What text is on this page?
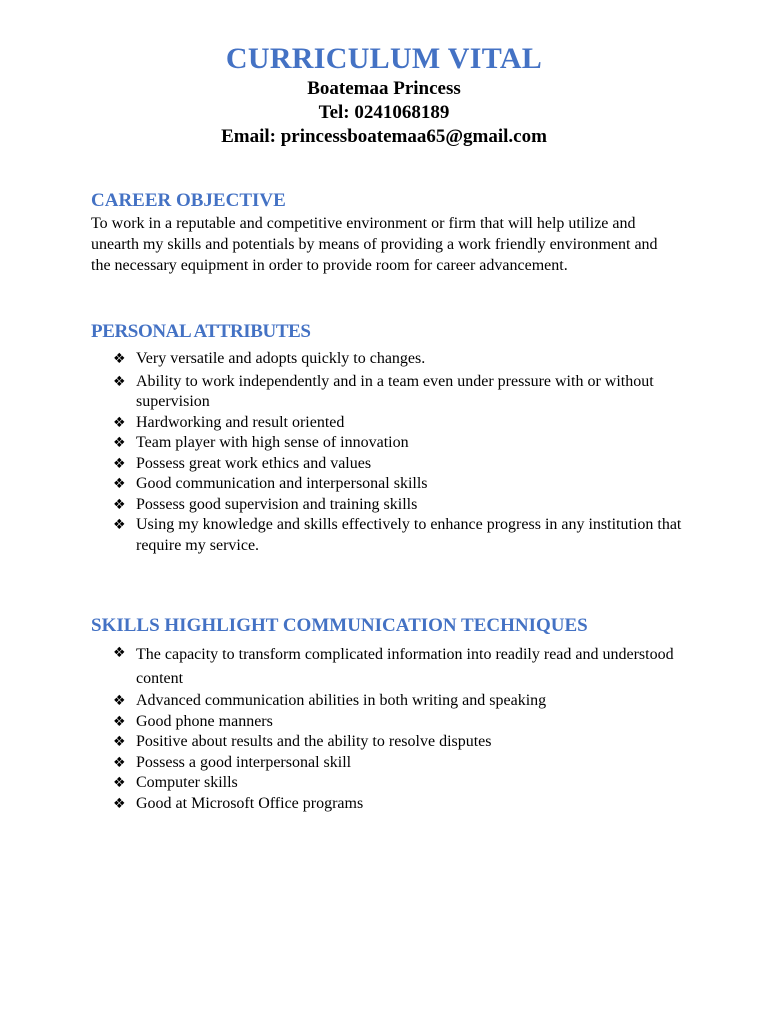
CURRICULUM VITAL
Boatemaa Princess
Tel: 0241068189
Email: princessboatemaa65@gmail.com
CAREER OBJECTIVE
To work in a reputable and competitive environment or firm that will help utilize and unearth my skills and potentials by means of providing a work friendly environment and the necessary equipment in order to provide room for career advancement.
PERSONAL ATTRIBUTES
❖ Very versatile and adopts quickly to changes.
❖ Ability to work independently and in a team even under pressure with or without supervision
❖ Hardworking and result oriented
❖ Team player with high sense of innovation
❖ Possess great work ethics and values
❖ Good communication and interpersonal skills
❖ Possess good supervision and training skills
❖ Using my knowledge and skills effectively to enhance progress in any institution that require my service.
SKILLS HIGHLIGHT COMMUNICATION TECHNIQUES
❖ The capacity to transform complicated information into readily read and understood content
❖ Advanced communication abilities in both writing and speaking
❖ Good phone manners
❖ Positive about results and the ability to resolve disputes
❖ Possess a good interpersonal skill
❖ Computer skills
❖ Good at Microsoft Office programs
